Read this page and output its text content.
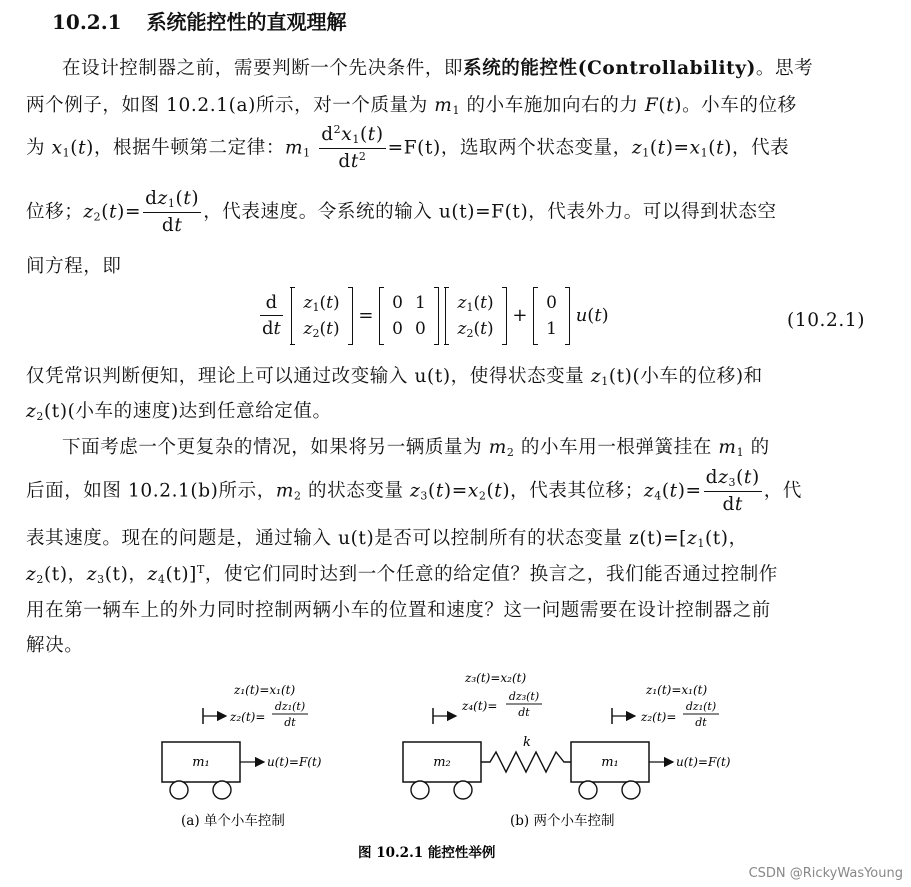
10.2.1 系统能控性的直观理解
在设计控制器之前，需要判断一个先决条件，即系统的能控性(Controllability)。思考
两个例子，如图 10.2.1(a)所示，对一个质量为 $m_1$ 的小车施加向右的力 F(t)。小车的位移
为 $x_1(t)$，根据牛顿第二定律：$m_1 \frac{d^2x_1(t)}{dt^2} =F(t)$，选取两个状态变量，$z_1(t)=x_1(t)$，代表
位移；$z_2(t)= \frac{dz_1(t)}{dt}$ ，代表速度。令系统的输入 u(t)=F(t)，代表外力。可以得到状态空
间方程，即
$\frac{d}{dt}$
$z_1(t)$
$z_2(t)$
=
0	1
0	0

$z_1(t)$
$z_2(t)$
+
0
1
u(t)	(10.2.1)
仅凭常识判断便知，理论上可以通过改变输入 u(t)，使得状态变量 $z_1(t)$(小车的位移)和
$z_2(t)$(小车的速度)达到任意给定值。
下面考虑一个更复杂的情况，如果将另一辆质量为 $m_2$ 的小车用一根弹簧挂在 $m_1$ 的
后面，如图 10.2.1(b)所示，$m_2$ 的状态变量 $z_3(t)=x_2(t)$，代表其位移；$z_4(t)= \frac{dz_3(t)}{dt}$ ，代
表其速度。现在的问题是，通过输入 u(t)是否可以控制所有的状态变量 $z(t)=[z_1(t)$，
$z_2(t)$，$z_3(t)$，$z_4(t)]^T$，使它们同时达到一个任意的给定值？换言之，我们能否通过控制作
用在第一辆车上的外力同时控制两辆小车的位置和速度？这一问题需要在设计控制器之前
解决。
z₁(t)=x₁(t)
z₂(t)=
dz₁(t)
dt
m₁	u(t)=F(t)
(a) 单个小车控制
z₃(t)=x₂(t)
z₄(t)=
dz₃(t)
dt
m₂
k
z₁(t)=x₁(t)
z₂(t)=
dz₁(t)
dt
m₁	u(t)=F(t)
(b) 两个小车控制
图 10.2.1 能控性举例
CSDN @RickyWasYoung
